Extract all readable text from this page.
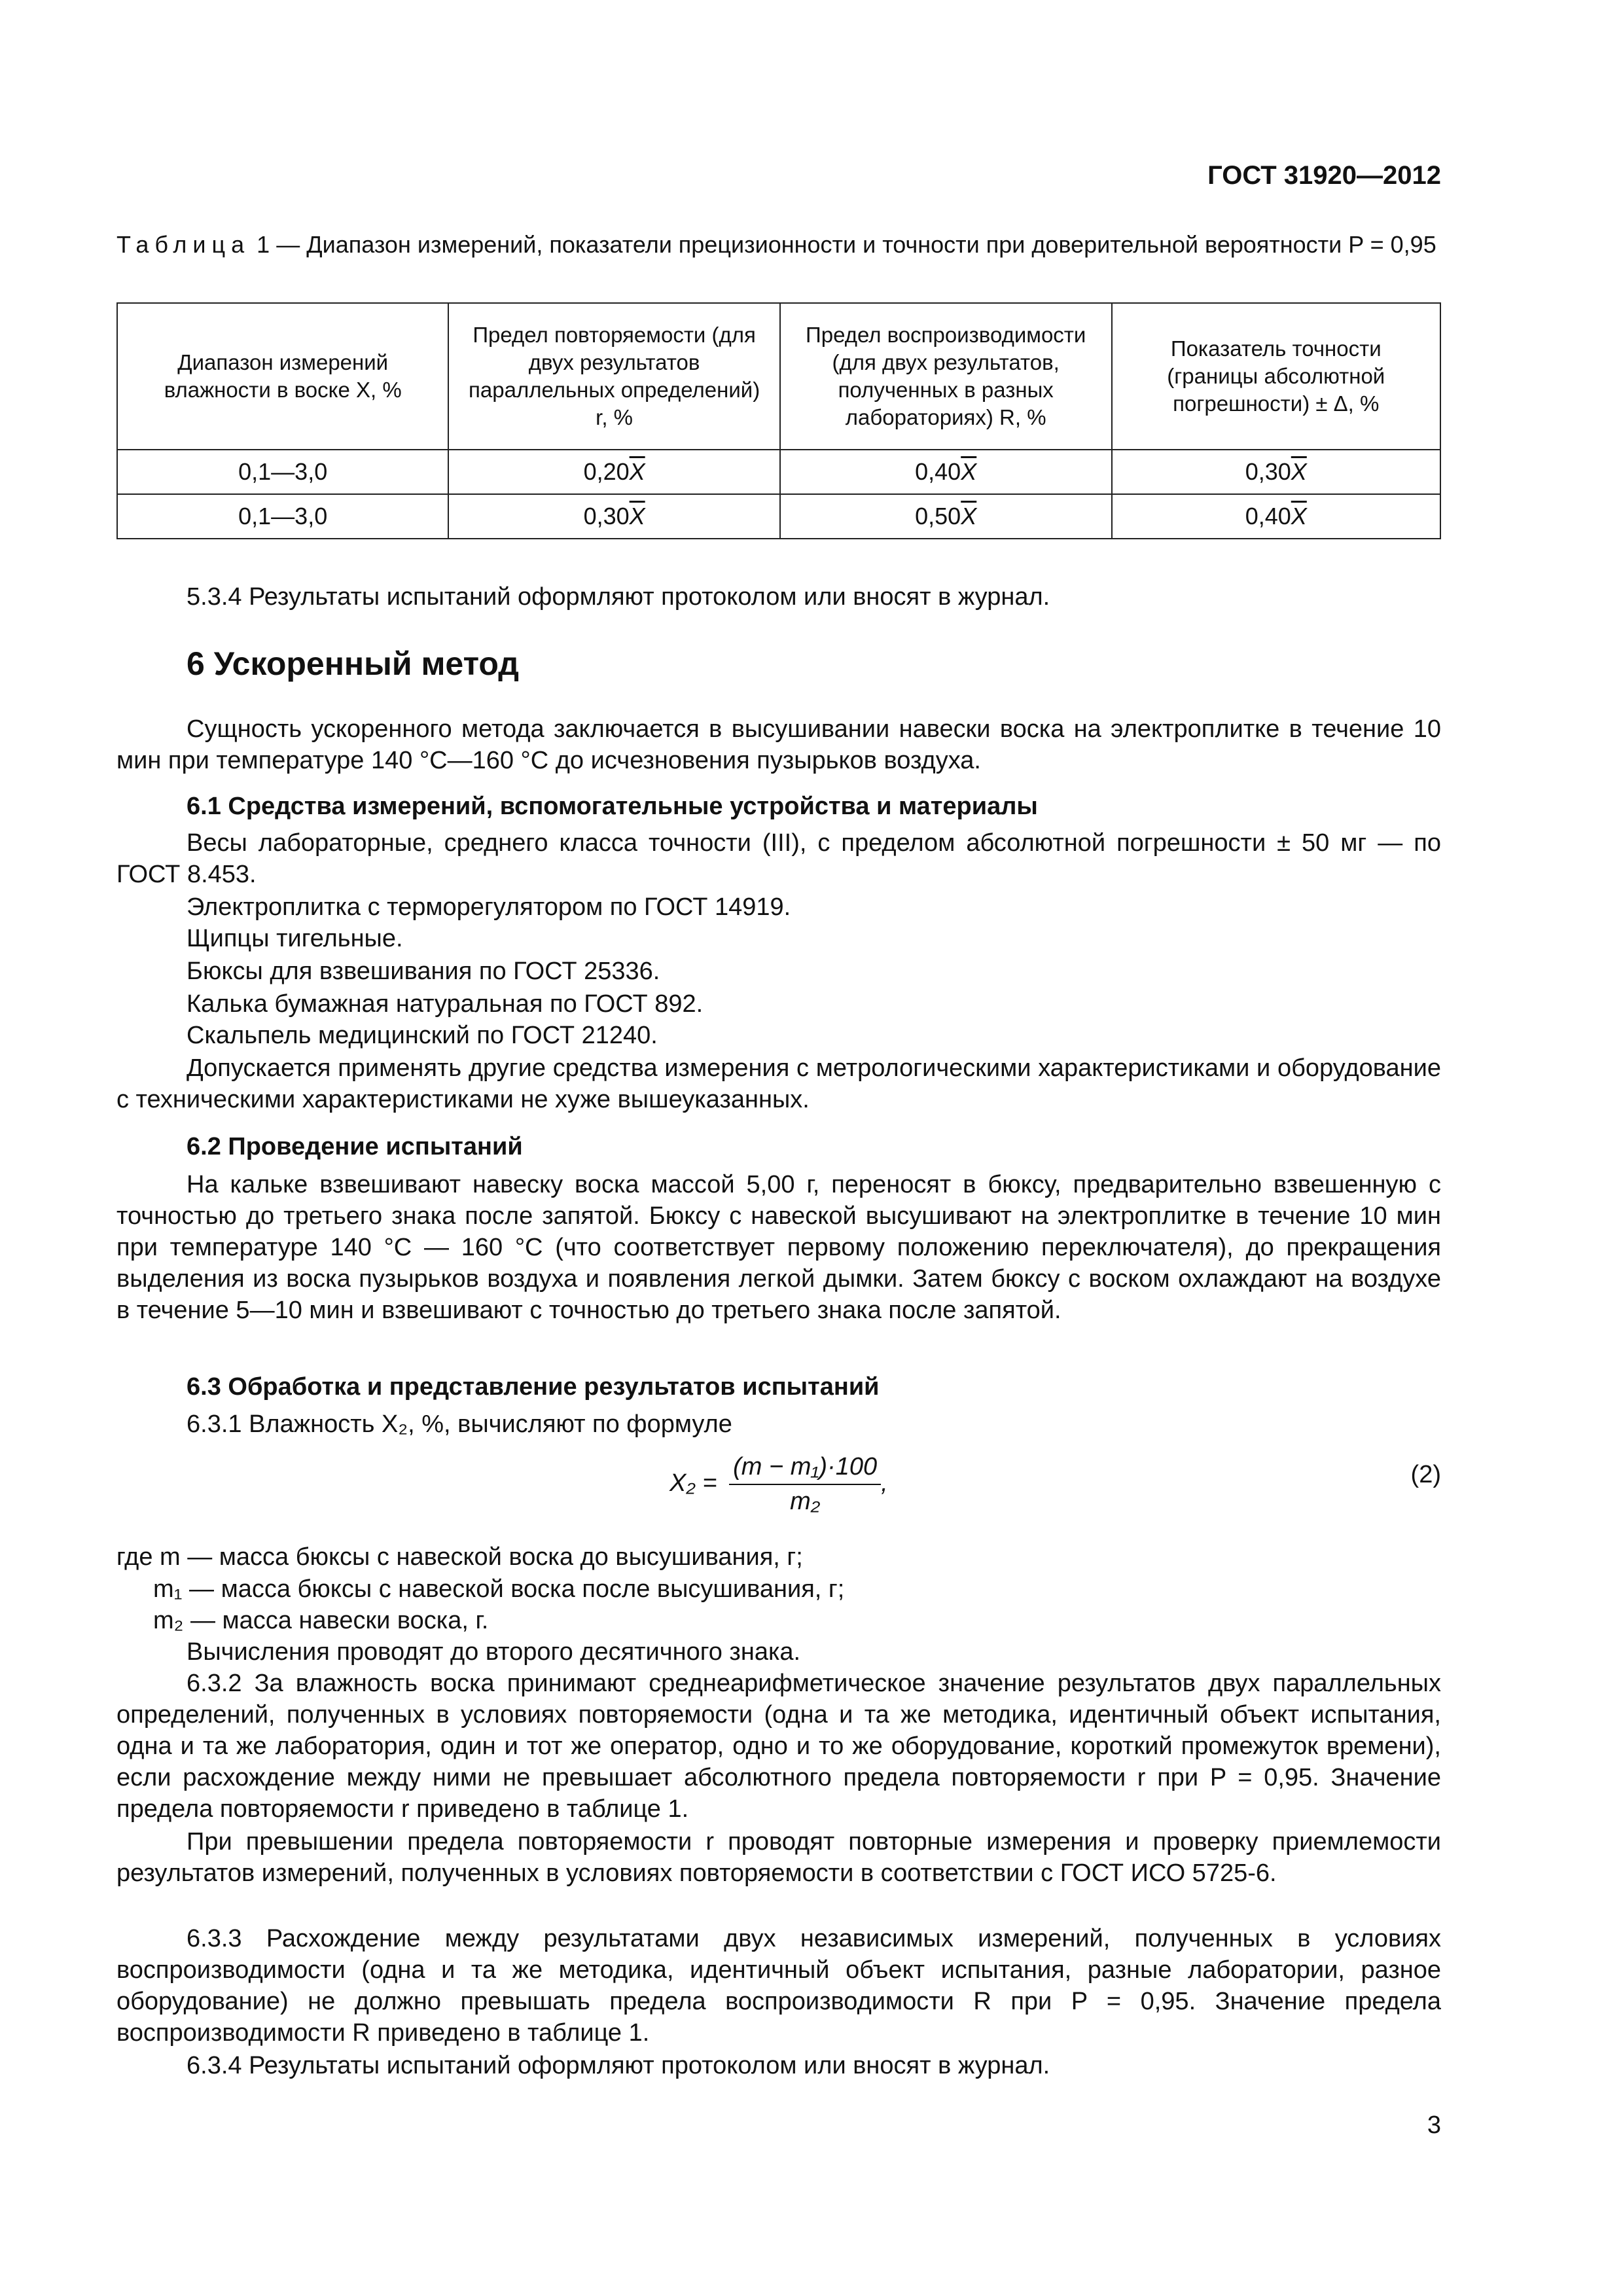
ГОСТ 31920—2012
Таблица 1 — Диапазон измерений, показатели прецизионности и точности при доверительной вероятности P = 0,95
Диапазон измерений влажности в воске X, %	Предел повторяемости (для двух результатов параллельных определений) r, %	Предел воспроизводимости (для двух результатов, полученных в разных лабораториях) R, %	Показатель точности (границы абсолютной погрешности) ± Δ, %
0,1—3,0	$0,20\overline{X}$	$0,40\overline{X}$	$0,30\overline{X}$
0,1—3,0	$0,30\overline{X}$	$0,50\overline{X}$	$0,40\overline{X}$
5.3.4 Результаты испытаний оформляют протоколом или вносят в журнал.
6 Ускоренный метод
Сущность ускоренного метода заключается в высушивании навески воска на электроплитке в течение 10 мин при температуре 140 °С—160 °С до исчезновения пузырьков воздуха.
6.1 Средства измерений, вспомогательные устройства и материалы
Весы лабораторные, среднего класса точности (III), с пределом абсолютной погрешности ± 50 мг — по ГОСТ 8.453.
Электроплитка с терморегулятором по ГОСТ 14919.
Щипцы тигельные.
Бюксы для взвешивания по ГОСТ 25336.
Калька бумажная натуральная по ГОСТ 892.
Скальпель медицинский по ГОСТ 21240.
Допускается применять другие средства измерения с метрологическими характеристиками и оборудование с техническими характеристиками не хуже вышеуказанных.
6.2 Проведение испытаний
На кальке взвешивают навеску воска массой 5,00 г, переносят в бюксу, предварительно взвешенную с точностью до третьего знака после запятой. Бюксу с навеской высушивают на электроплитке в течение 10 мин при температуре 140 °С — 160 °С (что соответствует первому положению переключателя), до прекращения выделения из воска пузырьков воздуха и появления легкой дымки. Затем бюксу с воском охлаждают на воздухе в течение 5—10 мин и взвешивают с точностью до третьего знака после запятой.
6.3 Обработка и представление результатов испытаний
6.3.1 Влажность X₂, %, вычисляют по формуле
$X_2 = \frac{\text{(m − m₁)·100}}{\text{m₂}}$ ,	(2)
где m — масса бюксы с навеской воска до высушивания, г;
m₁ — масса бюксы с навеской воска после высушивания, г;
m₂ — масса навески воска, г.
Вычисления проводят до второго десятичного знака.
6.3.2 За влажность воска принимают среднеарифметическое значение результатов двух параллельных определений, полученных в условиях повторяемости (одна и та же методика, идентичный объект испытания, одна и та же лаборатория, один и тот же оператор, одно и то же оборудование, короткий промежуток времени), если расхождение между ними не превышает абсолютного предела повторяемости r при P = 0,95. Значение предела повторяемости r приведено в таблице 1.
При превышении предела повторяемости r проводят повторные измерения и проверку приемлемости результатов измерений, полученных в условиях повторяемости в соответствии с ГОСТ ИСО 5725-6.
6.3.3 Расхождение между результатами двух независимых измерений, полученных в условиях воспроизводимости (одна и та же методика, идентичный объект испытания, разные лаборатории, разное оборудование) не должно превышать предела воспроизводимости R при P = 0,95. Значение предела воспроизводимости R приведено в таблице 1.
6.3.4 Результаты испытаний оформляют протоколом или вносят в журнал.
3
